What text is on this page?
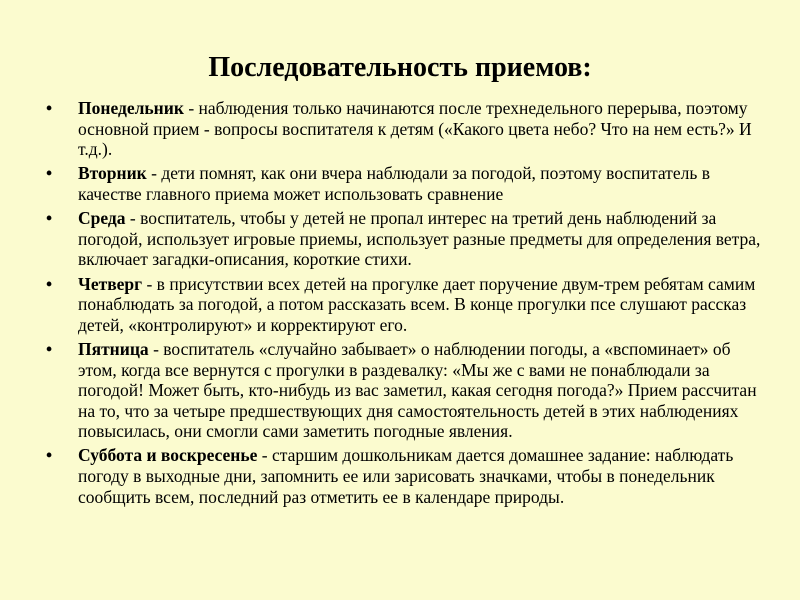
Последовательность приемов:
• Понедельник - наблюдения только начинаются после трехнедельного перерыва, поэтому основной прием - вопросы воспитателя к детям («Какого цвета небо? Что на нем есть?» И т.д.).
• Вторник - дети помнят, как они вчера наблюдали за погодой, поэтому воспитатель в качестве главного приема может использовать сравнение
• Среда - воспитатель, чтобы у детей не пропал интерес на третий день наблюдений за погодой, использует игровые приемы, использует разные предметы для определения ветра, включает загадки-описания, короткие стихи.
• Четверг - в присутствии всех детей на прогулке дает поручение двум-трем ребятам самим понаблюдать за погодой, а потом рассказать всем. В конце прогулки псе слушают рассказ детей, «контролируют» и корректируют его.
• Пятница - воспитатель «случайно забывает» о наблюдении погоды, а «вспоминает» об этом, когда все вернутся с прогулки в раздевалку: «Мы же с вами не понаблюдали за погодой! Может быть, кто-нибудь из вас заметил, какая сегодня погода?» Прием рассчитан на то, что за четыре предшествующих дня самостоятельность детей в этих наблюдениях повысилась, они смогли сами заметить погодные явления.
• Суббота и воскресенье - старшим дошкольникам дается домашнее задание: наблюдать погоду в выходные дни, запомнить ее или зарисовать значками, чтобы в понедельник сообщить всем, последний раз отметить ее в календаре природы.
